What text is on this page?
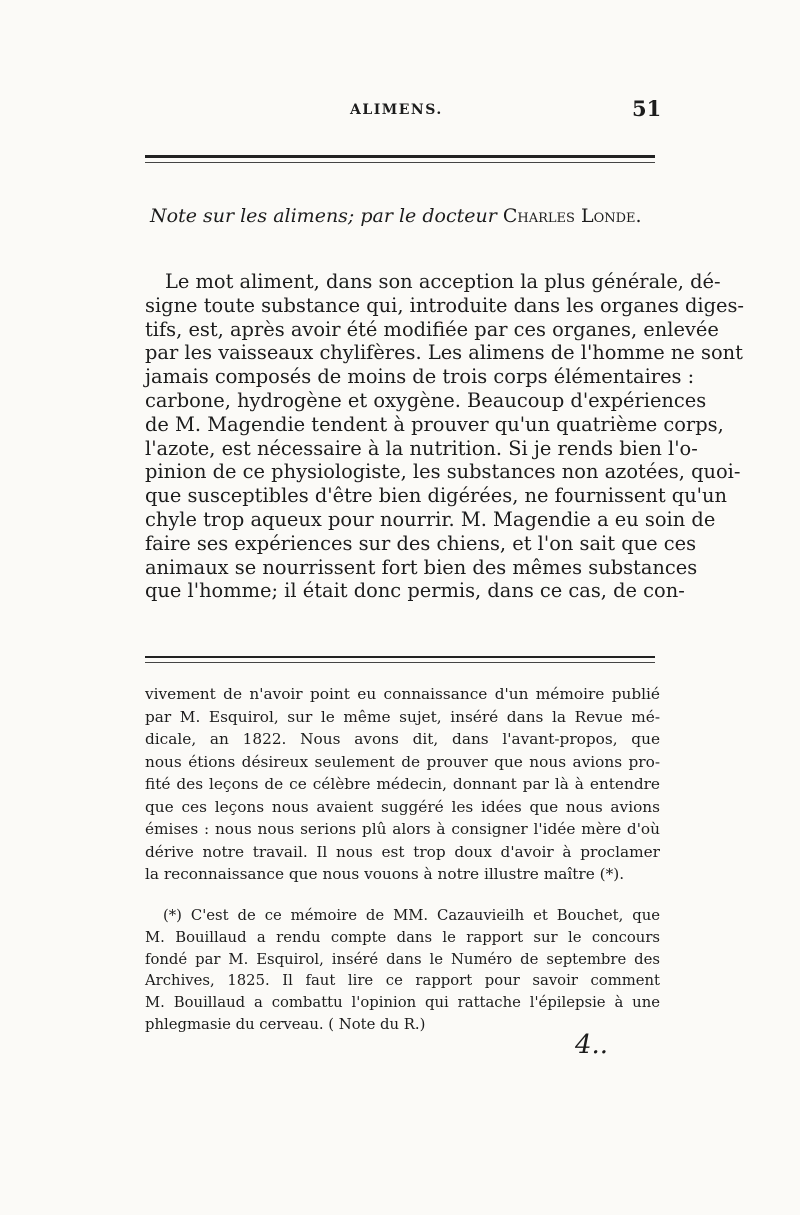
ALIMENS.	51
Note sur les alimens; par le docteur Charles Londe.
Le mot aliment, dans son acception la plus générale, dé-
signe toute substance qui, introduite dans les organes diges-
tifs, est, après avoir été modifiée par ces organes, enlevée
par les vaisseaux chylifères. Les alimens de l'homme ne sont
jamais composés de moins de trois corps élémentaires :
carbone, hydrogène et oxygène. Beaucoup d'expériences
de M. Magendie tendent à prouver qu'un quatrième corps,
l'azote, est nécessaire à la nutrition. Si je rends bien l'o-
pinion de ce physiologiste, les substances non azotées, quoi-
que susceptibles d'être bien digérées, ne fournissent qu'un
chyle trop aqueux pour nourrir. M. Magendie a eu soin de
faire ses expériences sur des chiens, et l'on sait que ces
animaux se nourrissent fort bien des mêmes substances
que l'homme; il était donc permis, dans ce cas, de con-
vivement de n'avoir point eu connaissance d'un mémoire publié
par M. Esquirol, sur le même sujet, inséré dans la Revue mé-
dicale, an 1822. Nous avons dit, dans l'avant-propos, que
nous étions désireux seulement de prouver que nous avions pro-
fité des leçons de ce célèbre médecin, donnant par là à entendre
que ces leçons nous avaient suggéré les idées que nous avions
émises : nous nous serions plû alors à consigner l'idée mère d'où
dérive notre travail. Il nous est trop doux d'avoir à proclamer
la reconnaissance que nous vouons à notre illustre maître (*).
(*) C'est de ce mémoire de MM. Cazauvieilh et Bouchet, que
M. Bouillaud a rendu compte dans le rapport sur le concours
fondé par M. Esquirol, inséré dans le Numéro de septembre des
Archives, 1825. Il faut lire ce rapport pour savoir comment
M. Bouillaud a combattu l'opinion qui rattache l'épilepsie à une
phlegmasie du cerveau. ( Note du R.)
4..
